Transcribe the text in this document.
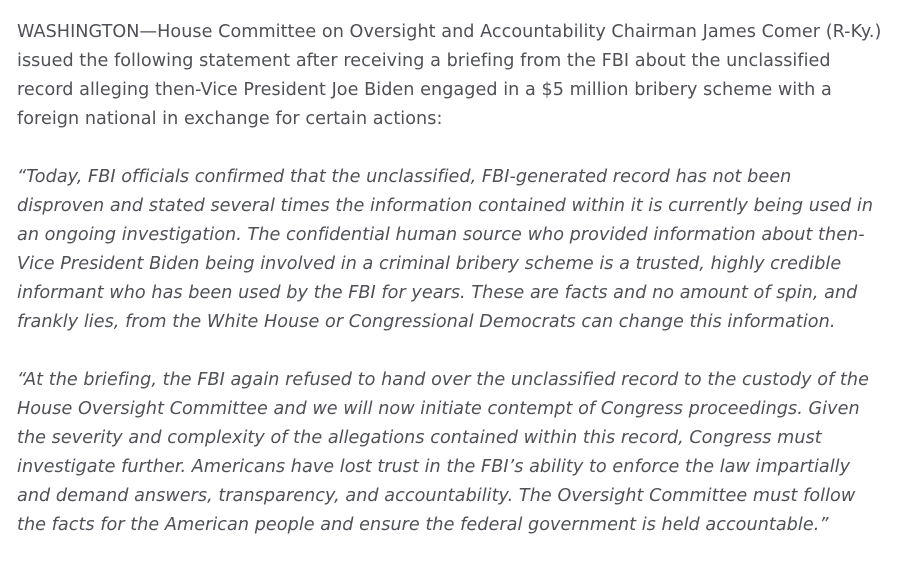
WASHINGTON—House Committee on Oversight and Accountability Chairman James Comer (R-Ky.) issued the following statement after receiving a briefing from the FBI about the unclassified record alleging then-Vice President Joe Biden engaged in a $5 million bribery scheme with a foreign national in exchange for certain actions:

“Today, FBI officials confirmed that the unclassified, FBI-generated record has not been disproven and stated several times the information contained within it is currently being used in an ongoing investigation. The confidential human source who provided information about then-Vice President Biden being involved in a criminal bribery scheme is a trusted, highly credible informant who has been used by the FBI for years. These are facts and no amount of spin, and frankly lies, from the White House or Congressional Democrats can change this information.

“At the briefing, the FBI again refused to hand over the unclassified record to the custody of the House Oversight Committee and we will now initiate contempt of Congress proceedings. Given the severity and complexity of the allegations contained within this record, Congress must investigate further. Americans have lost trust in the FBI’s ability to enforce the law impartially and demand answers, transparency, and accountability. The Oversight Committee must follow the facts for the American people and ensure the federal government is held accountable.”
